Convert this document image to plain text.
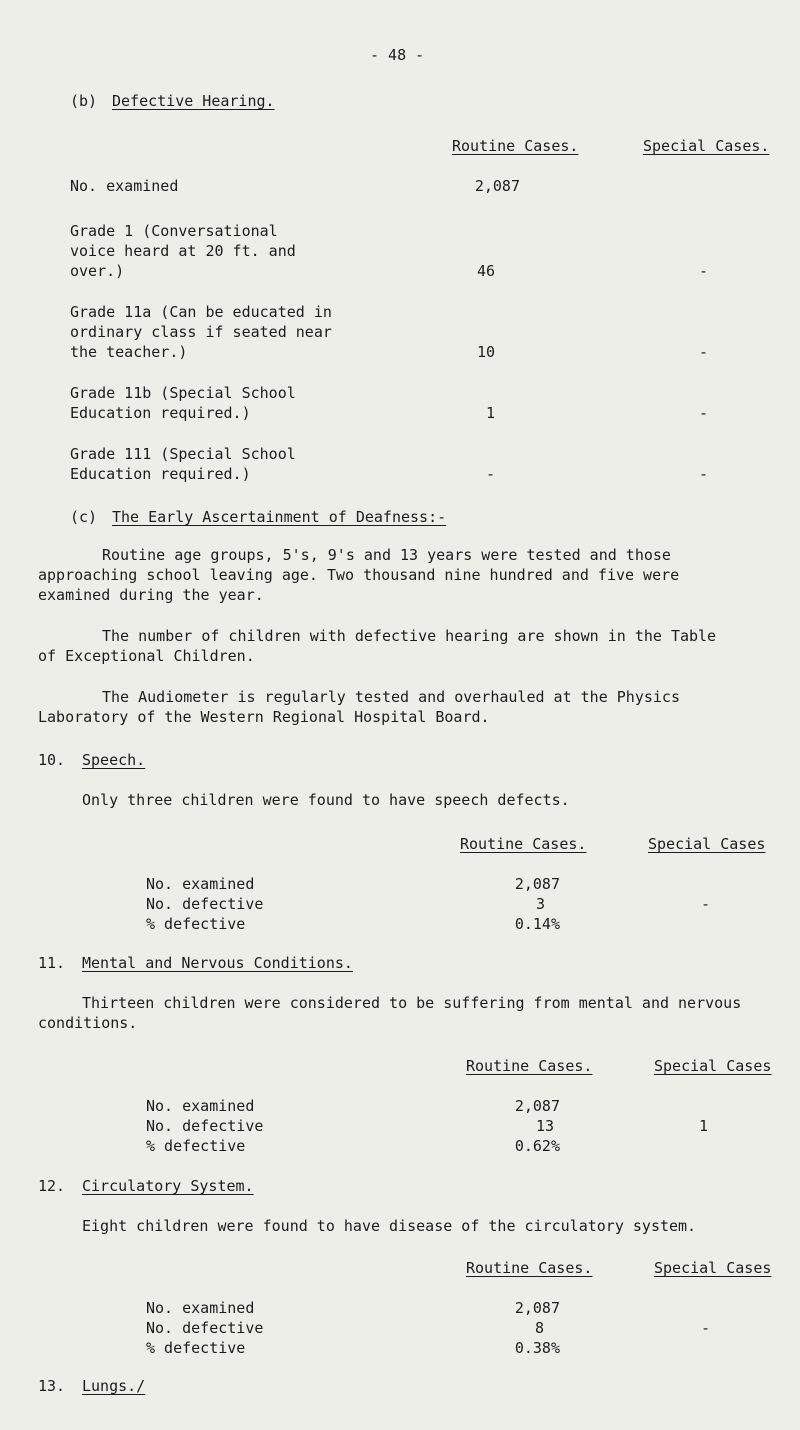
- 48 -
(b) Defective Hearing.
Routine Cases.	Special Cases.
No. examined	2,087
Grade 1 (Conversational
voice heard at 20 ft. and
over.)	46	-
Grade 11a (Can be educated in
ordinary class if seated near
the teacher.)	10	-
Grade 11b (Special School
Education required.)	1	-
Grade 111 (Special School
Education required.)	-	-
(c) The Early Ascertainment of Deafness:-
Routine age groups, 5's, 9's and 13 years were tested and those
approaching school leaving age. Two thousand nine hundred and five were
examined during the year.
The number of children with defective hearing are shown in the Table
of Exceptional Children.
The Audiometer is regularly tested and overhauled at the Physics
Laboratory of the Western Regional Hospital Board.
10. Speech.
Only three children were found to have speech defects.
Routine Cases.	Special Cases
No. examined	2,087
No. defective	3	-
% defective	0.14%
11. Mental and Nervous Conditions.
Thirteen children were considered to be suffering from mental and nervous
conditions.
Routine Cases.	Special Cases
No. examined	2,087
No. defective	13	1
% defective	0.62%
12. Circulatory System.
Eight children were found to have disease of the circulatory system.
Routine Cases.	Special Cases
No. examined	2,087
No. defective	8	-
% defective	0.38%
13. Lungs./
